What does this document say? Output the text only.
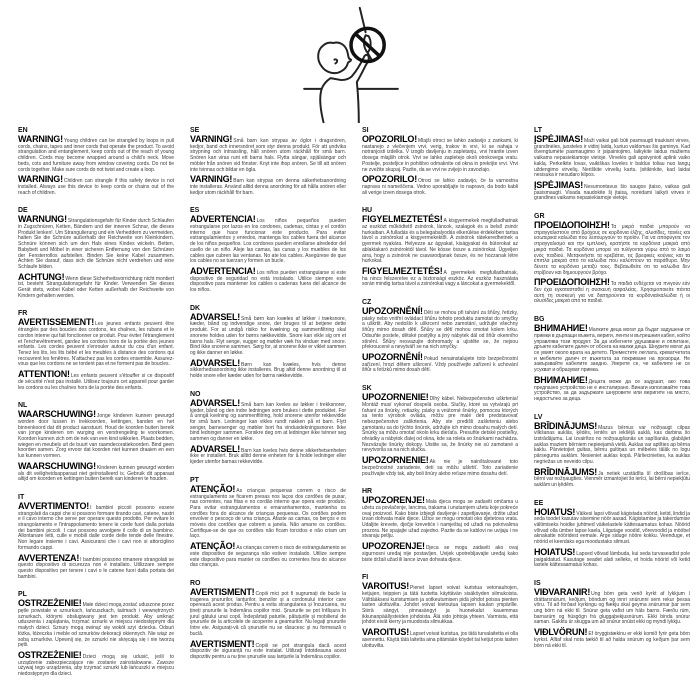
EN

WARNING!Young children can be strangled by loops in pull cords, chains, tapes and inner cords that operate the product. To avoid strangulation and entanglement, keep cords out of the reach of young children. Cords may become wrapped around a child's neck. Move beds, cots and furniture away from window covering cords. Do not tie cords together. Make sure cords do not twist and create a loop.

WARNING!Children can strangle if this safety device is not installed. Always use this device to keep cords or chains out of the reach of children.

DE

WARNUNG!Strangulationsgefahr für Kinder durch Schlaufen in Zugschnüren, Ketten, Bändern und der inneren Schnur, die dieses Produkt lenken!. Um Strangulierung und ein Verheddern zu vermeiden, halten Sie die Schnüre außerhalb der Reichweite von Kleinkindern. Schnüre können sich um den Hals eines Kindes wickeln. Betten, Babybett und Möbel in einer sicheren Entfernung von den Schnüren der Fensterrollos aufstellen. Binden Sie keine Kabel zusammen. Achten Sie darauf, dass sich die Schnüre nicht verdrehen und eine Schlaufe bilden.

ACHTUNG!Wenn diese Sicherheitsvorrichtung nicht montiert ist, besteht Strangulationsgefahr für Kinder. Verwenden Sie dieses Gerät stets, wobei Kabel oder Ketten außerhalb der Reichweite von Kindern gehalten werden.

FR

AVERTISSEMENT!Les jeunes enfants peuvent être étranglés par des boucles des cordons, les chaînes, les rubans et le cordon interne qui fait fonctionner ce produit. Pour éviter l'étranglement et l'enchevêtrement, gardez les cordons hors de la portée des jeunes enfants. Les cordes peuvent s'enrouler autour du cou d'un enfant. Tenez les lits, les lits bébé et les meubles à distance des cordons qui recouvrent les fenêtres. N'attachez pas les cordes ensemble. Assurez-vous que les cordons ne se tordent pas et ne forment pas de boucles.

ATTENTION!Les enfants peuvent s'étouffer si ce dispositif de sécurité n'est pas installé. Utilisez toujours cet appareil pour garder les cordons ou les chaînes hors de la portée des enfants.

NL

WAARSCHUWING!Jonge kinderen kunnen gewurgd worden door lussen in trekkoorden, kettingen, banden en het binnenkoord dat dit product aanstuurt. Houd de koorden buiten bereik van jonge kinderen om wurging en verstrengeling te voorkomen. Koorden kunnen zich om de nek van een kind wikkelen. Plaats bedden, wiegen en meubels uit de buurt van raamdecoratiekoorden. Bind geen koorden samen. Zorg ervoor dat koorden niet kunnen draaien en een lus kunnen vormen.

WAARSCHUWING!Kinderen kunnen gewurgd worden als dit veiligheidsapparaat niet geïnstalleerd is. Gebruik dit apparaat altijd om koorden en kettingen buiten bereik van kinderen te houden.

IT

AVVERTIMENTO!I bambini piccoli possono essere strangolati da cappi che si possono formare tirando cavi, catene, nastri e il cavo interno che serve per operare questo prodotto. Per evitare lo strangolamento e l'intrappolamento tenere le corde fuori dalla portata dei bambini piccoli. I cavi possono avvolgere il collo di un bambino. Allontanare letti, culle e mobili dalle corde delle tende delle finestre. Non legare insieme i cavi. Assicurarsi che i cavi non si attorciglino formando cappi.

AVVERTENZA!I bambini possono rimanere strangolati se questo dispositivo di sicurezza non è installato. Utilizzare sempre questo dispositivo per tenere i cavi o le catene fuori dalla portata dei bambini.

PL

OSTRZEŻENIE!Małe dzieci mogą zostać uduszone przez pętle powstałe w sznurkach, łańcuszkach, taśmach i wewnętrznych sznurkach, którymi obsługiwany jest ten produkt. Aby uniknąć uduszenia i zaplątania, trzymać sznurki w miejscu niedostępnym dla małych dzieci. Sznury mogą owinąć się wokół szyi dziecka. Odsuń łóżka, łóżeczka i meble od sznurków dekoracji okiennych. Nie wiąż ze sobą sznurków. Upewnij się, że sznurki nie skręcają się i nie tworzą pętli.

OSTRZEŻENIE!Dzieci mogą się udusić, jeśli to urządzenie zabezpieczające nie zostanie zainstalowane. Zawsze używaj tego urządzenia, aby trzymać sznurki lub łańcuszki w miejscu niedostępnym dla dzieci.

SE

VARNING!Små barn kan strypas av öglor i dragsnören, kedjor, band och innersnöret som styr denna produkt. För att undvika strypning och intrassling, håll snören utom räckhåll för små barn. Snören kan viras runt ett barns hals. Flytta sängar, spjälsängar och möbler från snören vid fönster. Knyt inte ihop snören. Se till att snören inte tvinnas och bildar en ögla.

VARNING!Barn kan strypas om denna säkerhetsanordning inte installeras. Använd alltid denna anordning för att hålla snören eller kedjor utom räckhåll för barn.

ES

ADVERTENCIA!Los niños pequeños pueden estrangularse por lazos en los cordones, cadenas, cintas y el cordón interno que hace funcionar este producto. Para evitar estrangulamientos y enredos, mantenga los cables fuera del alcance de los niños pequeños. Los cordones pueden enrollarse alrededor del cuello de un niño. Aleje las camas, las cunas y los muebles de los cables que cubren las ventanas. No ate los cables. Asegúrese de que los cables no se tuerzan y formen un bucle.

ADVERTENCIA!Los niños pueden estrangularse si este dispositivo de seguridad no está instalado. Utilice siempre este dispositivo para mantener los cables o cadenas fuera del alcance de los niños.

DK

ADVARSEL!Små børn kan kvæles af løkker i træksnore, kæder, bånd og indvendige snore, der bruges til at betjene dette produkt. For at undgå risiko for kvælning og sammenfiltring skal snorene holdes uden for børns rækkevidde. Snore kan vikle sig om et barns hals. Flyt senge, vugger og møbler væk fra vinduer med snore. Bind ikke snorene sammen. Sørg for, at snorene ikke er viklet sammen og ikke danner en løkke.

ADVARSEL!Børn kan kvæles, hvis denne sikkerhedsanordning ikke installeres. Brug altid denne anordning til at holde snore eller kæder uden for børns rækkevidde.

NO

ADVARSEL!Små barn kan kveles av løkker i trekksnorer, kjeder, bånd og den indre ledningen som brukes i dette produktet. For å unngå kvelning og sammenfiltring, hold snorene utenfor rekkevidde for små barn. Ledninger kan vikles rundt nakken på et barn. Flytt senger, barnesenger og møbler bort fra vindusdekningssnorer. Ikke bind ledninger sammen. Forsikre deg om at ledninger ikke tvinner seg sammen og danner en løkke.

ADVARSEL!Barn kan kveles hvis denne sikkerhetsenheten ikke er installert. Bruk alltid denne enheten for å holde ledninger eller kjeder utenfor barnas rekkevidde.

PT

ATENÇÃO!As crianças pequenas correm o risco de estrangulamento se ficarem presas nos laços dos cordões de puxar, nas correntes, nas fitas e no cordão interno que opera este produto. Para evitar estrangulamentos e emaranhamentos, mantenha os cordões fora do alcance de crianças pequenas. Os cordões podem envolver o pescoço de uma criança. Afaste as camas, os berços e os móveis dos cordões que cobrem a janela. Não amarre os cordões. Certifique-se de que os cordões não ficam torcidos e não criam um laço.

ATENÇÃO!As crianças correm o risco de estrangulamento se este dispositivo de segurança não estiver instalado. Utilize sempre este dispositivo para manter os cordões ou correntes fora do alcance das crianças.

RO

AVERTISMENT!Copiii mici pot fi sugrumați de bucle la tragerea șnururilor, lanțurilor, benzilor și a cordonului interior care operează acest produs. Pentru a evita strangularea și încurcarea, nu țineți șnururile la îndemâna copiilor mici. Șnururile se pot înfășura în jurul gâtului unui copil. Îndepărtați paturile, pătuțurile și mobilierul de șnururile de la articolele de acoperire a geamurilor. Nu legați șnururile între ele. Asigurați-vă că șnururile nu se răsucesc și nu formează o buclă.

AVERTISMENT!Copiii se pot strangula dacă acest dispozitiv de siguranță nu este instalat. Utilizați întotdeauna acest dispozitiv pentru a nu ține șnururile sau lanțurile la îndemâna copiilor.

SI

OPOZORILO!Mlajši otroci se lahko zadavijo z zankami, ki nastanejo z vlečenjem vrvi, verig, trakov in vrvi, ki se nahaja v notranjosti izdelka. V izogib davljenju in zapletanju, vrvi hranite izven dosega mlajših otrok. Vrvi se lahko zapletejo okoli otrokovega vratu. Postelje, posteljice in pohištvo odmaknite od okna in prekrijte vrvi. Vrvi ne zvežite skupaj. Pazite, da se vrvi ne zvijejo in zavozlajo.

OPOZORILO!Otroci se lahko zadavijo, če ta varnostna naprava ni nameščena. Vedno uporabljajte to napravo, da bodo kabli ali verige izven dosega otrok.

HU

FIGYELMEZTETÉS!A kisgyermekek megfulladhatnak az eszközt működtető zsinórok, láncok, szalagok és a belső zsinór hurkaiban. A fulladás és a belegabalyodás elkerülése érdekében tartsa távol a zsinórokat a kisgyermekektől. A zsinórok rátekeredhetnek a gyermek nyakára. Helyezze az ágyakat, kiságyakat és bútorokat az ablaktakaró zsinóroktól távol. Ne kösse össze a zsinórokat. Ügyeljen arra, hogy a zsinórok ne csavarodjanak össze, és ne hozzanak létre hurkokat.

FIGYELMEZTETÉS!A gyermekek megfulladhatnak, ha nincs felszerelve ez a biztonsági eszköz. Az eszköz használata során mindig tartsa távol a zsinórokat vagy a láncokat a gyermekektől.

CZ

UPOZORNĚNÍ!Děti se mohou při tahání za šňůry, řetízky, pásky nebo vnitřní ovládací šňůru tohoto produktu zamotat do smyčky a uškrtit. Aby nedošlo k uškrcení nebo zamotání, udržujte všechny šňůry mimo dosah dětí. Šňůry se dětí mohou omotat kolem krku. Odsuňte postele, dětské postýlky a jiný nábytek dál od šňůr okenního stínění. Šňůry nesvazujte dohromady a ujistěte se, že nejsou překroucené a nevytváří se na nich smyčky.

UPOZORNĚNÍ!Pokud nenainstalujete toto bezpečnostní zařízení, hrozí dětem uškrcení. Vždy používejte zařízení k uchování šňůr a řetízků mimo dosah dětí.

SK

UPOZORNENIE!Dlhý kábel. Nebezpečenstvo uškrtenia! Montáž musí vykonať dospelá osoba. Slučky, ktoré sa vytvárajú pri ťahaní za šnúrky, retiazky, pásky a vnútorné šnúrky, pomocou ktorých sa tento výrobok ovláda, môžu pre malé deti predstavovať nebezpečenstvo zaškrtenia. Aby ste predišli zaškrteniu alebo zamotaniu sa do týchto šnúrok, udržujte ich mimo dosahu malých detí. Šnúrky sa môžu omotať okolo krku dieťaťa. Presuňte detské postieľky, ohrádky a nábytok ďalej od okna, kde sa roleta so šnúrkami nachádza. Nezväzujte šnúrky dokopy. Uistite sa, že šnúrky nie sú zamotané a nevytvorila sa na nich slučka.

UPOZORNENIE!Ak nie je nainštalované toto bezpečnostné zariadenie, deti sa môžu uškrtiť. Toto zariadenie používajte vždy tak, aby boli šnúry alebo reťaze mimo dosahu detí.

HR

UPOZORENJE!Mala djeca mogu se zadaviti omčama u užetu za povlačenje, lancima, trakama i unutarnjem užetu koje pokreće ovaj proizvod. Kako biste izbjegli davljenje i zapetljavanje, držite užad izvan dohvata male djece. Užice se mogu omotati oko djetetova vrata. Udaljite krevete, dječje krevetiće i namještaj od užadi na pokrivalima prozora. Ne spajajte užad zajedno. Pazite da se kablovi ne uvijaju i ne stvaraju petlju.

UPOZORENJE!Djeca se mogu zadaviti ako ovaj sigurnosni uređaj nije postavljen. Uvijek upotrebljavajte uređaj kako biste držali užad ili lance izvan dohvata djece.

FI

VAROITUS!Pienet lapset voivat kuristua vetonauhojen, ketjujen, teippien ja tätä tuotetta käyttävän sisäköyden silmukoista. Välttääksesi kuristumisen ja sotkeutumisen pidä johdot poissa pienten lasten ulottuvilta. Johdot voivat kietoutua lapsen kaulan ympärille. Siirrä sängyt, pinnasängyt ja huonekalut kauemmas ikkunanpäällysteiden johdoista. Älä sido johtoja yhteen. Varmista, että johdot eivät kierry ja muodosta silmukkaa.

VAROITUS!Lapset voivat kuristua, jos tätä turvalaitetta ei olla asennettu. Käytä tätä laitetta aina pitämään köydet tai ketjut pois lasten ulottuvilta.

LT

ĮSPĖJIMAS!Maži vaikai gali būti pasmaugti traukiant virves, grandinėles, juosteles ir vidinį laidą, kuriuo valdomas šis gaminys. Kad išvengtumėte pasmaugimo ir įsipainiojimo, laikykite laidus mažiems vaikams nepasiekiamoje vietoje. Virvelės gali apsivynioti aplink vaiko kaklą. Perkelkite lovas, vaikiškas loveles ir baldus toliau nuo langų uždengimo virvelių. Neriškite virvelių kartu. Įsitikinkite, kad laidai nesisuka ir nesudaro kilpos.

ĮSPĖJIMAS!Nesumontavus šio saugos įtaiso, vaikas gali pasismaugti. Visada naudokite šį įtaisą, norėdami laikyti virves ir grandines vaikams nepasiekiamoje vietoje.

GR

ΠΡΟΕΙΔΟΠΟΙΗΣΗ!Τα μικρά παιδιά μπορούν να στραγγαλιστούν από βρόχους σε κορδόνια έλξης, αλυσίδες, ταινίες και εσωτερικά καλώδια που λειτουργούν το προϊόν. Για να αποφύγετε τον στραγγαλισμό και την εμπλοκή, κρατήστε τα κορδόνια μακριά από μικρά παιδιά. Τα κορδόνια μπορεί να τυλίγονται γύρω από το λαιμό ενός παιδιού. Μετακινήστε τα κρεβάτια, τις βρεφικές κούνιες και τα έπιπλα μακριά από τα καλώδια που καλύπτουν τα παράθυρα. Μην δένετε τα κορδόνια μεταξύ τους. Βεβαιωθείτε ότι τα καλώδια δεν στρίβουν και δημιουργούν βρόχο.

ΠΡΟΕΙΔΟΠΟΙΗΣΗ!Τα παιδιά ενδέχεται να πνιγούν εάν δεν έχει εγκατασταθεί η συσκευή ασφαλείας. Χρησιμοποιείτε πάντα αυτή τη συσκευή για να διατηρούνται τα κορδόνια/καλώδια ή οι αλυσίδες μακριά από τα παιδιά.

BG

ВНИМАНИЕ!Малките деца могат да бъдат задушени от примки в дърпащи въжета, вериги, ленти и вътрешния кабел, който управлява този продукт. За да избегнете удушаване и оплитане, дръжте кабелите далеч от обсега на малки деца. Шнурите могат да се увият около врата на детето. Преместете леглата, креватчетата и мебелите далеч от въжетата за покриване на прозорци. Не завързвайте кабелите заедно. Уверете се, че кабелите не се усукват и образуват примка.

ВНИМАНИЕ!Децата може да се задушат, ако това предпазно устройство не е инсталирано. Винаги използвайте това устройство, за да задържате шнуровете или веригите на място, недостъпно за деца.

LV

BRĪDINĀJUMS!Mazus bērnus var nožņaugt cilpas vilkšanas auklās, ķēdēs, lentēs un iekšējā auklā, kas darbina šo izstrādājumu. Lai izvairītos no nožņaugšanās un sapīšanās, glabājiet auklas maziem bērniem nepieejamā vietā. Auklas var aptīties ap bērna kaklu. Pārvietojiet gultas, bērnu gultiņas un mēbeles tālāk no logu pārseguma auklām. Nesieniet auklas kopā. Pārliecinieties, ka auklas negriežas un neveido cilpu.

BRĪDINĀJUMS!Ja netiek uzstādīta šī drošības ierīce, bērni var nožņaugties. Vienmēr izmantojiet šo ierīci, lai bērni nepiekļūtu auklām un ķēdēm.

EE

HOIATUS!Väikesi lapsi võivad kägistada nöörid, ketid, lindid ja seda toodet kasutav sisemine nöör aasad. Kägistamise ja takerdumise vältimiseks hoidke juhtmed väikelastele kättesaamatus kohas. Nöörid võivad olla ümber lapse kaela. Liigutage voodid, võrevoodid ja mööbel aknakatte nööridest eemale. Ärge siduge nööre kokku. Veenduge, et nöörid ei keerdaks ega moodustaks silmust.

HOIATUS!Lapsed võivad lämbuda, kui seda turvaseadist pole paigaldatud. Kasutage seadet alati selleks, et hoida nöörid või ketid lastele kättesaamatus kohas.

IS

VIÐVARANIR!Ung börn geta verið kyrkt af lykkjum í dráttarsnúrum, keðjum, böndum og innri snúrunni sem rekur þessa vöru. Til að forðast kyrkingu og flækju skal geyma snúrurnar þar sem ung börn ná ekki til. Snúrur geta vafist um háls barns. Færðu rúm, barnarúm og húsgögn frá gluggaþekjusnúrum. Ekki binda snúrur saman. Gakktu úr skugga um að snúrur snúist ekki og myndi lykkju.

VIÐLVÖRUN!Ef öryggistækinu er ekki komið fyrir geta börn kyrkst. Alltaf skal nota tækið til að halda snúrum og keðjum þar sem börn ná ekki til.
